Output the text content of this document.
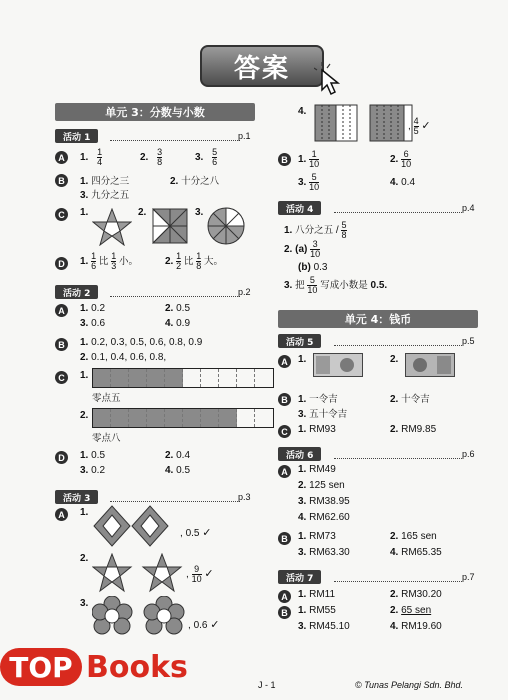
答案
单元 3：分数与小数
活动 1	p.1
A	1. $\frac{1}{4}$	2. $\frac{3}{8}$	3. $\frac{5}{6}$
B	1. 四分之三	2. 十分之八
3. 九分之五
C	1.	2.	3.
D	1. $\frac{1}{6}$ 比 $\frac{1}{3}$ 小。	2. $\frac{1}{2}$ 比 $\frac{1}{8}$ 大。
活动 2	p.2
A	1. 0.2	2. 0.5
3. 0.6	4. 0.9
B	1. 0.2, 0.3, 0.5, 0.6, 0.8, 0.9
2. 0.1, 0.4, 0.6, 0.8,
C	1.
零点五
2.
零点八
D	1. 0.5	2. 0.4
3. 0.2	4. 0.5
活动 3	p.3
A	1.
, 0.5 ✓
2.
, $\frac{9}{10}$ ✓
3.
, 0.6 ✓
4.
, $\frac{4}{5}$ ✓
B	1. $\frac{1}{10}$	2. $\frac{6}{10}$
3. $\frac{5}{10}$	4. 0.4
活动 4	p.4
1. 八分之五 / $\frac{5}{8}$
2. $(a) \frac{3}{10}$
(b) 0.3
3. 把 $\frac{5}{10}$ 写成小数是 0.5.
单元 4：钱币
活动 5	p.5
A	1.	2.
B	1. 一令吉	2. 十令吉
3. 五十令吉
C	1. RM93	2. RM9.85
活动 6	p.6
A	1. RM49
2. 125 sen
3. RM38.95
4. RM62.60
B	1. RM73	2. 165 sen
3. RM63.30	4. RM65.35
活动 7	p.7
A	1. RM11	2. RM30.20
B	1. RM55	2. 65 sen
3. RM45.10	4. RM19.60
J - 1	© Tunas Pelangi Sdn. Bhd.
TOP Books
